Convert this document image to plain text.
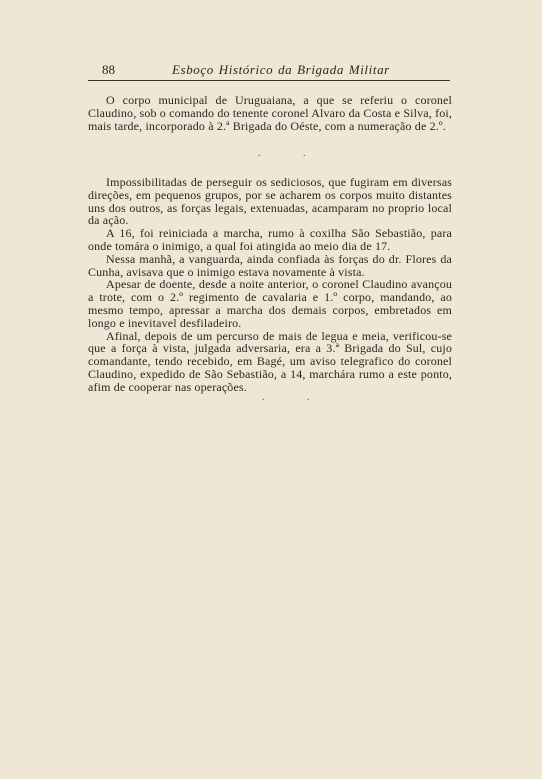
88	Esboço Histórico da Brigada Militar

O corpo municipal de Uruguaiana, a que se referiu o coronel Claudino, sob o comando do tenente coronel Alvaro da Costa e Silva, foi, mais tarde, incorporado à 2.ª Brigada do Oéste, com a numeração de 2.º.

. .

Impossibilitadas de perseguir os sediciosos, que fugiram em diversas direções, em pequenos grupos, por se acharem os corpos muito distantes uns dos outros, as forças legais, extenuadas, acamparam no proprio local da ação.

A 16, foi reiniciada a marcha, rumo à coxilha São Sebastião, para onde tomára o inimigo, a qual foi atingida ao meio dia de 17.

Nessa manhã, a vanguarda, ainda confiada às forças do dr. Flores da Cunha, avisava que o inimigo estava novamente à vista.

Apesar de doente, desde a noite anterior, o coronel Claudino avançou a trote, com o 2.º regimento de cavalaria e 1.º corpo, mandando, ao mesmo tempo, apressar a marcha dos demais corpos, embretados em longo e inevitavel desfiladeiro.

Afinal, depois de um percurso de mais de legua e meia, verificou-se que a força à vista, julgada adversaria, era a 3.ª Brigada do Sul, cujo comandante, tendo recebido, em Bagé, um aviso telegrafico do coronel Claudino, expedido de São Sebastião, a 14, marchára rumo a este ponto, afim de cooperar nas operações.

. .
